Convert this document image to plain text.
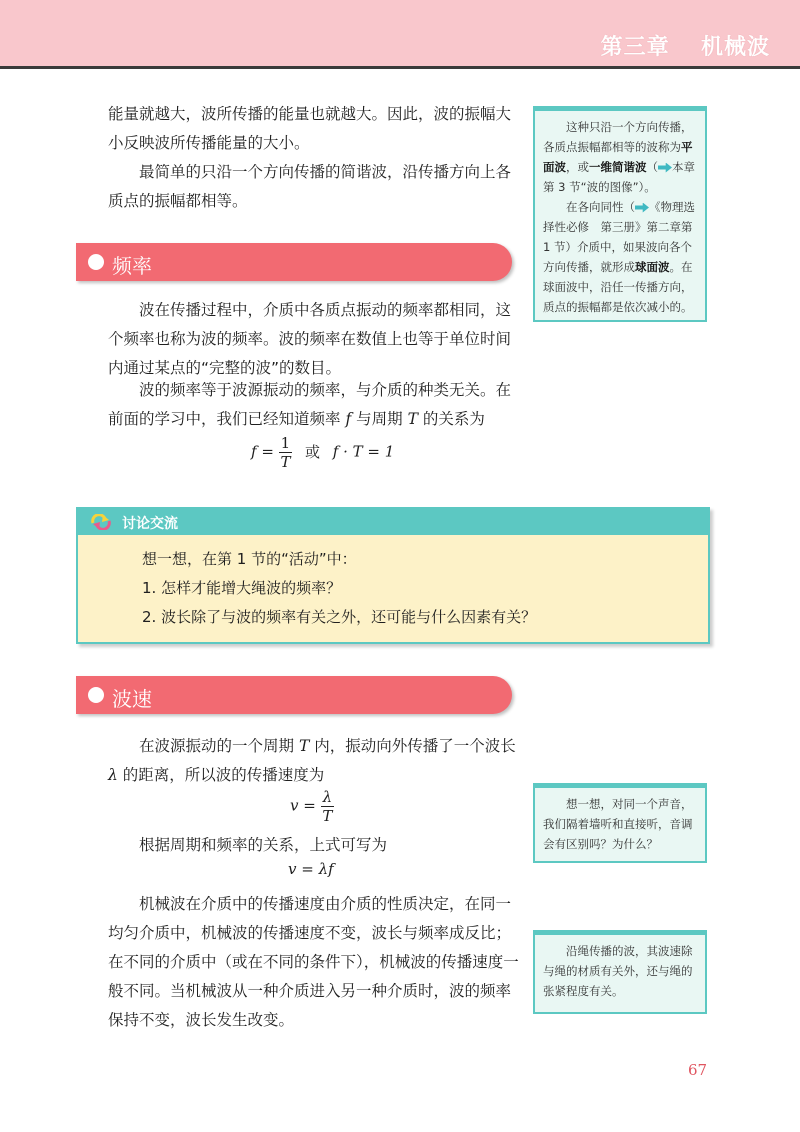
第三章 机械波

能量就越大，波所传播的能量也就越大。因此，波的振幅大小反映波所传播能量的大小。

最简单的只沿一个方向传播的简谐波，沿传播方向上各质点的振幅都相等。

这种只沿一个方向传播，各质点振幅都相等的波称为平面波，或一维简谐波（ 本章第 3 节“波的图像”）。

在各向同性（ 《物理选择性必修　第三册》第二章第 1 节）介质中，如果波向各个方向传播，就形成球面波。在球面波中，沿任一传播方向，质点的振幅都是依次减小的。

频率

波在传播过程中，介质中各质点振动的频率都相同，这个频率也称为波的频率。波的频率在数值上也等于单位时间内通过某点的“完整的波”的数目。

波的频率等于波源振动的频率，与介质的种类无关。在前面的学习中，我们已经知道频率 f 与周期 T 的关系为

$f = \frac{1}{T}$ 或 f · T = 1
讨论交流

想一想，在第 1 节的“活动”中：

1. 怎样才能增大绳波的频率？

2. 波长除了与波的频率有关之外，还可能与什么因素有关？

波速

在波源振动的一个周期 T 内，振动向外传播了一个波长 λ 的距离，所以波的传播速度为

$v = \frac{\lambda}{T}$

根据周期和频率的关系，上式可写为

v = λf

机械波在介质中的传播速度由介质的性质决定，在同一均匀介质中，机械波的传播速度不变，波长与频率成反比；在不同的介质中（或在不同的条件下），机械波的传播速度一般不同。当机械波从一种介质进入另一种介质时，波的频率保持不变，波长发生改变。

想一想，对同一个声音，我们隔着墙听和直接听，音调会有区别吗？为什么？

沿绳传播的波，其波速除与绳的材质有关外，还与绳的张紧程度有关。

67
